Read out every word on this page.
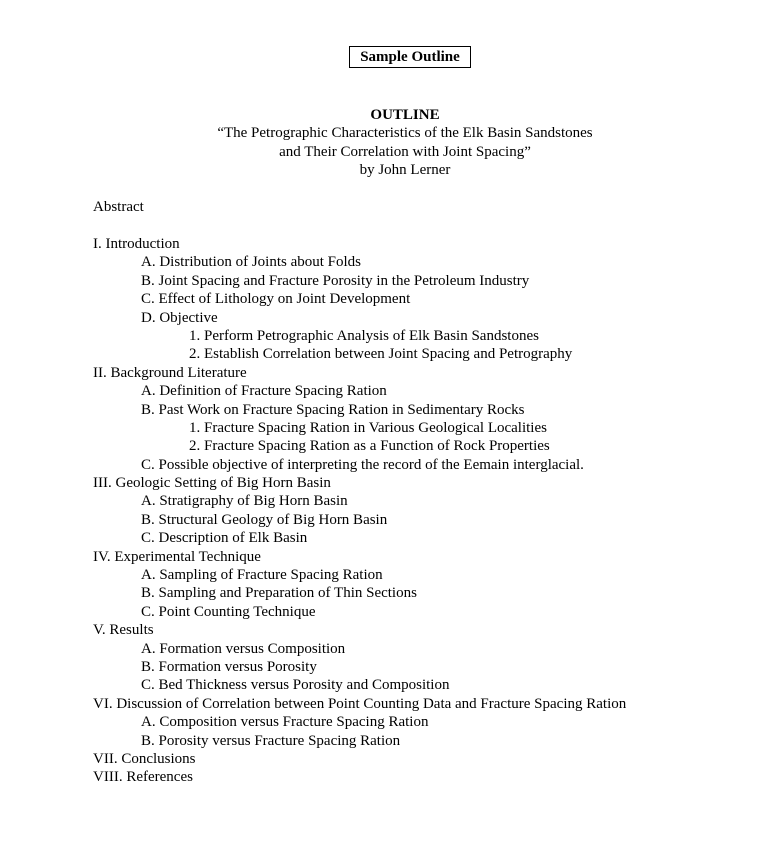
Sample Outline
OUTLINE
“The Petrographic Characteristics of the Elk Basin Sandstones
and Their Correlation with Joint Spacing”
by John Lerner
Abstract
I. Introduction
A. Distribution of Joints about Folds
B. Joint Spacing and Fracture Porosity in the Petroleum Industry
C. Effect of Lithology on Joint Development
D. Objective
1. Perform Petrographic Analysis of Elk Basin Sandstones
2. Establish Correlation between Joint Spacing and Petrography
II. Background Literature
A. Definition of Fracture Spacing Ration
B. Past Work on Fracture Spacing Ration in Sedimentary Rocks
1. Fracture Spacing Ration in Various Geological Localities
2. Fracture Spacing Ration as a Function of Rock Properties
C. Possible objective of interpreting the record of the Eemain interglacial.
III. Geologic Setting of Big Horn Basin
A. Stratigraphy of Big Horn Basin
B. Structural Geology of Big Horn Basin
C. Description of Elk Basin
IV. Experimental Technique
A. Sampling of Fracture Spacing Ration
B. Sampling and Preparation of Thin Sections
C. Point Counting Technique
V. Results
A. Formation versus Composition
B. Formation versus Porosity
C. Bed Thickness versus Porosity and Composition
VI. Discussion of Correlation between Point Counting Data and Fracture Spacing Ration
A. Composition versus Fracture Spacing Ration
B. Porosity versus Fracture Spacing Ration
VII. Conclusions
VIII. References
